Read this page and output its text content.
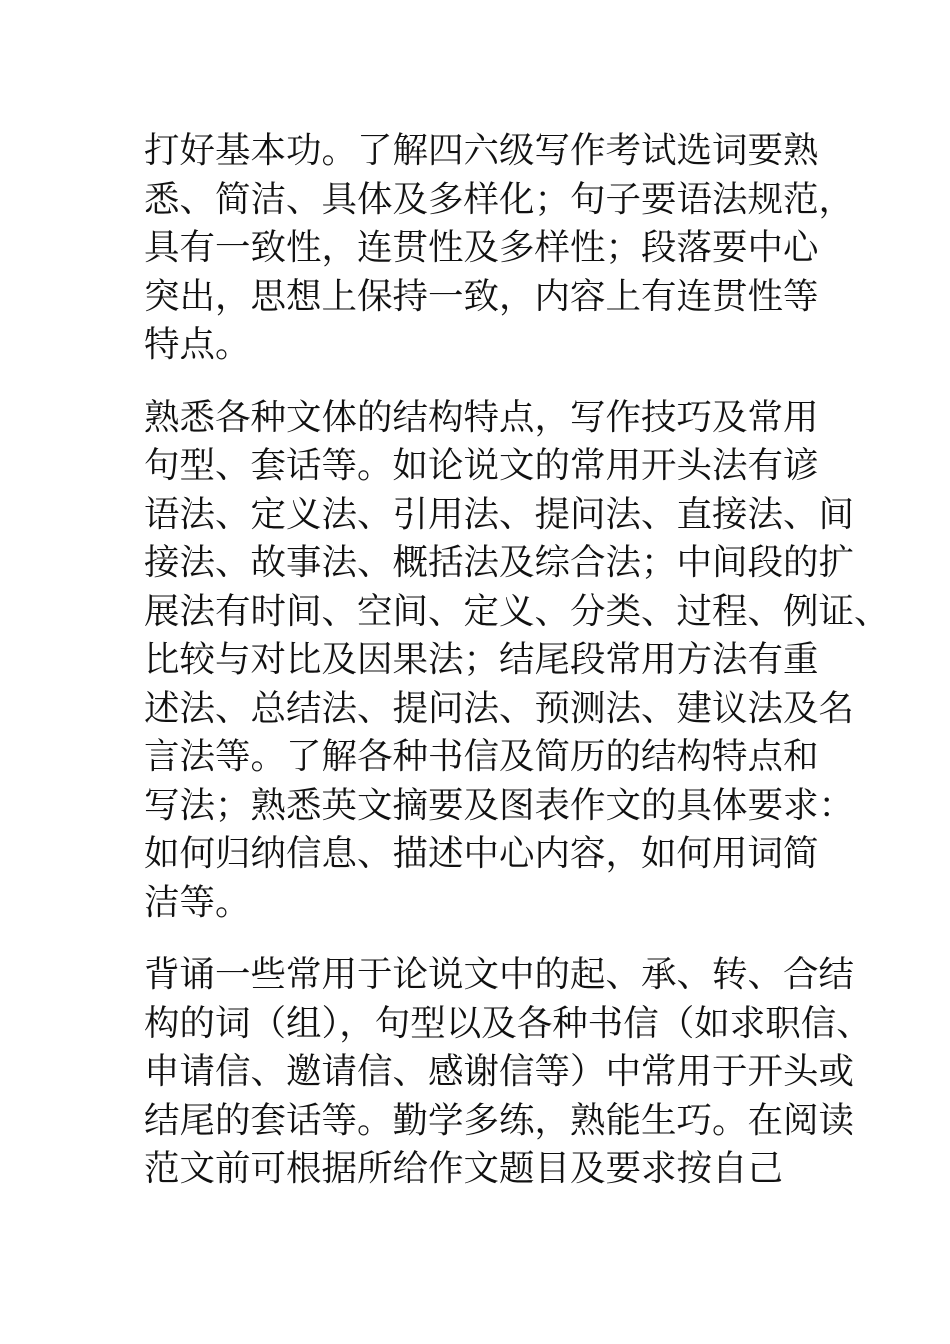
打好基本功。了解四六级写作考试选词要熟
悉、简洁、具体及多样化；句子要语法规范，
具有一致性，连贯性及多样性；段落要中心
突出，思想上保持一致，内容上有连贯性等
特点。
熟悉各种文体的结构特点，写作技巧及常用
句型、套话等。如论说文的常用开头法有谚
语法、定义法、引用法、提问法、直接法、间
接法、故事法、概括法及综合法；中间段的扩
展法有时间、空间、定义、分类、过程、例证、
比较与对比及因果法；结尾段常用方法有重
述法、总结法、提问法、预测法、建议法及名
言法等。了解各种书信及简历的结构特点和
写法；熟悉英文摘要及图表作文的具体要求：
如何归纳信息、描述中心内容，如何用词简
洁等。
背诵一些常用于论说文中的起、承、转、合结
构的词（组），句型以及各种书信（如求职信、
申请信、邀请信、感谢信等）中常用于开头或
结尾的套话等。勤学多练，熟能生巧。在阅读
范文前可根据所给作文题目及要求按自己
